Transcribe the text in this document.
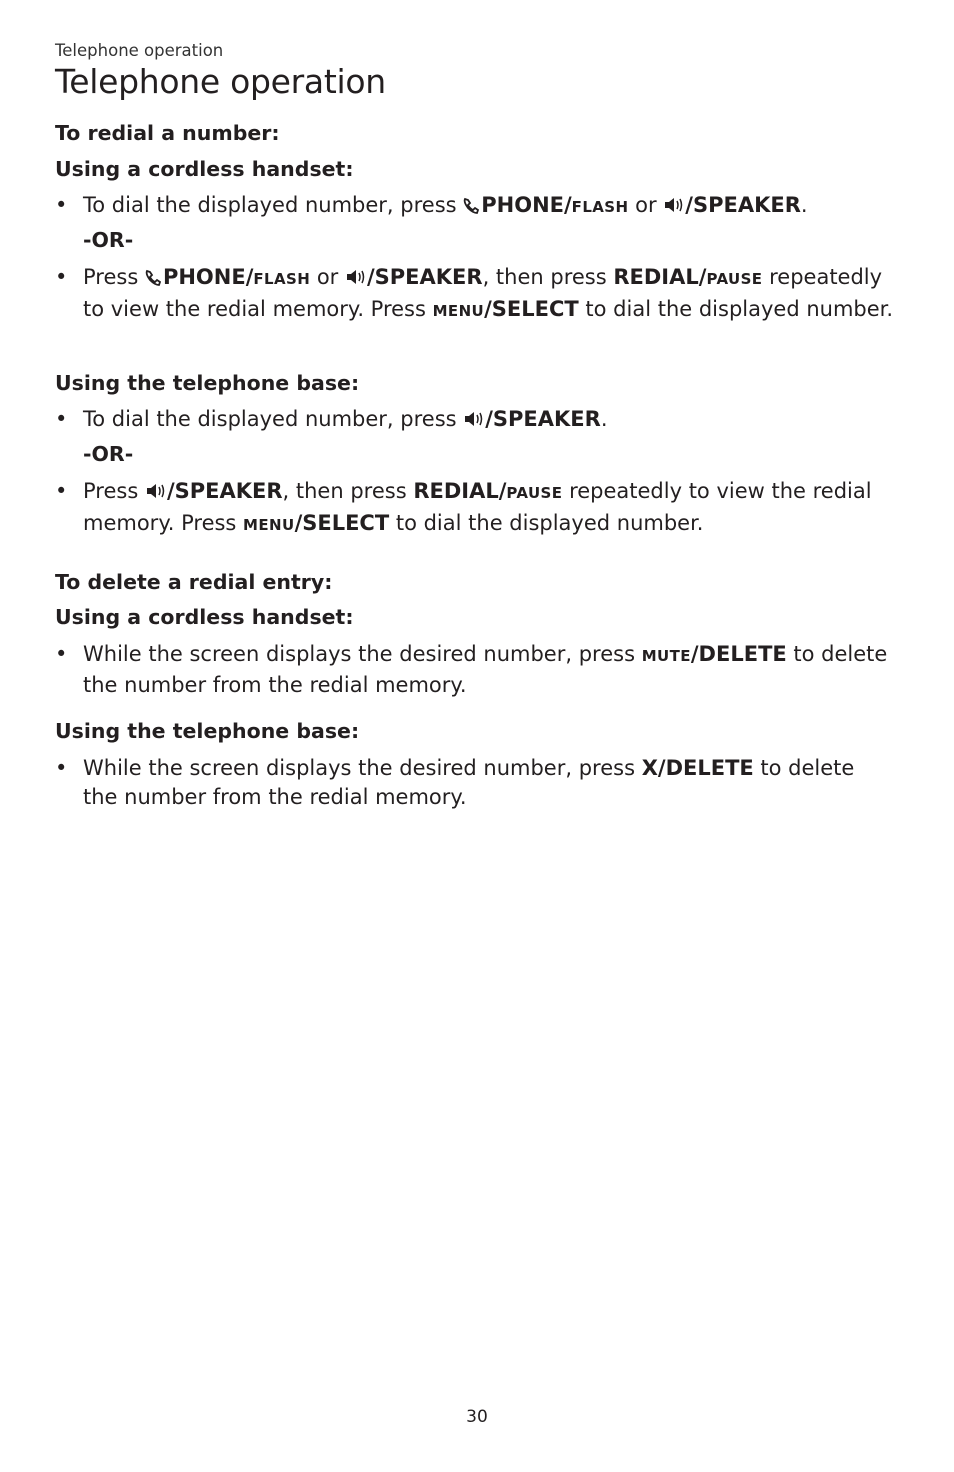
Telephone operation
Telephone operation
To redial a number:
Using a cordless handset:
• To dial the displayed number, press PHONE/FLASH or /SPEAKER.
-OR-
• Press PHONE/FLASH or /SPEAKER, then press REDIAL/PAUSE repeatedly to view the redial memory. Press MENU/SELECT to dial the displayed number.
Using the telephone base:
• To dial the displayed number, press /SPEAKER.
-OR-
• Press /SPEAKER, then press REDIAL/PAUSE repeatedly to view the redial memory. Press MENU/SELECT to dial the displayed number.
To delete a redial entry:
Using a cordless handset:
• While the screen displays the desired number, press MUTE/DELETE to delete the number from the redial memory.
Using the telephone base:
• While the screen displays the desired number, press X/DELETE to delete the number from the redial memory.
30
